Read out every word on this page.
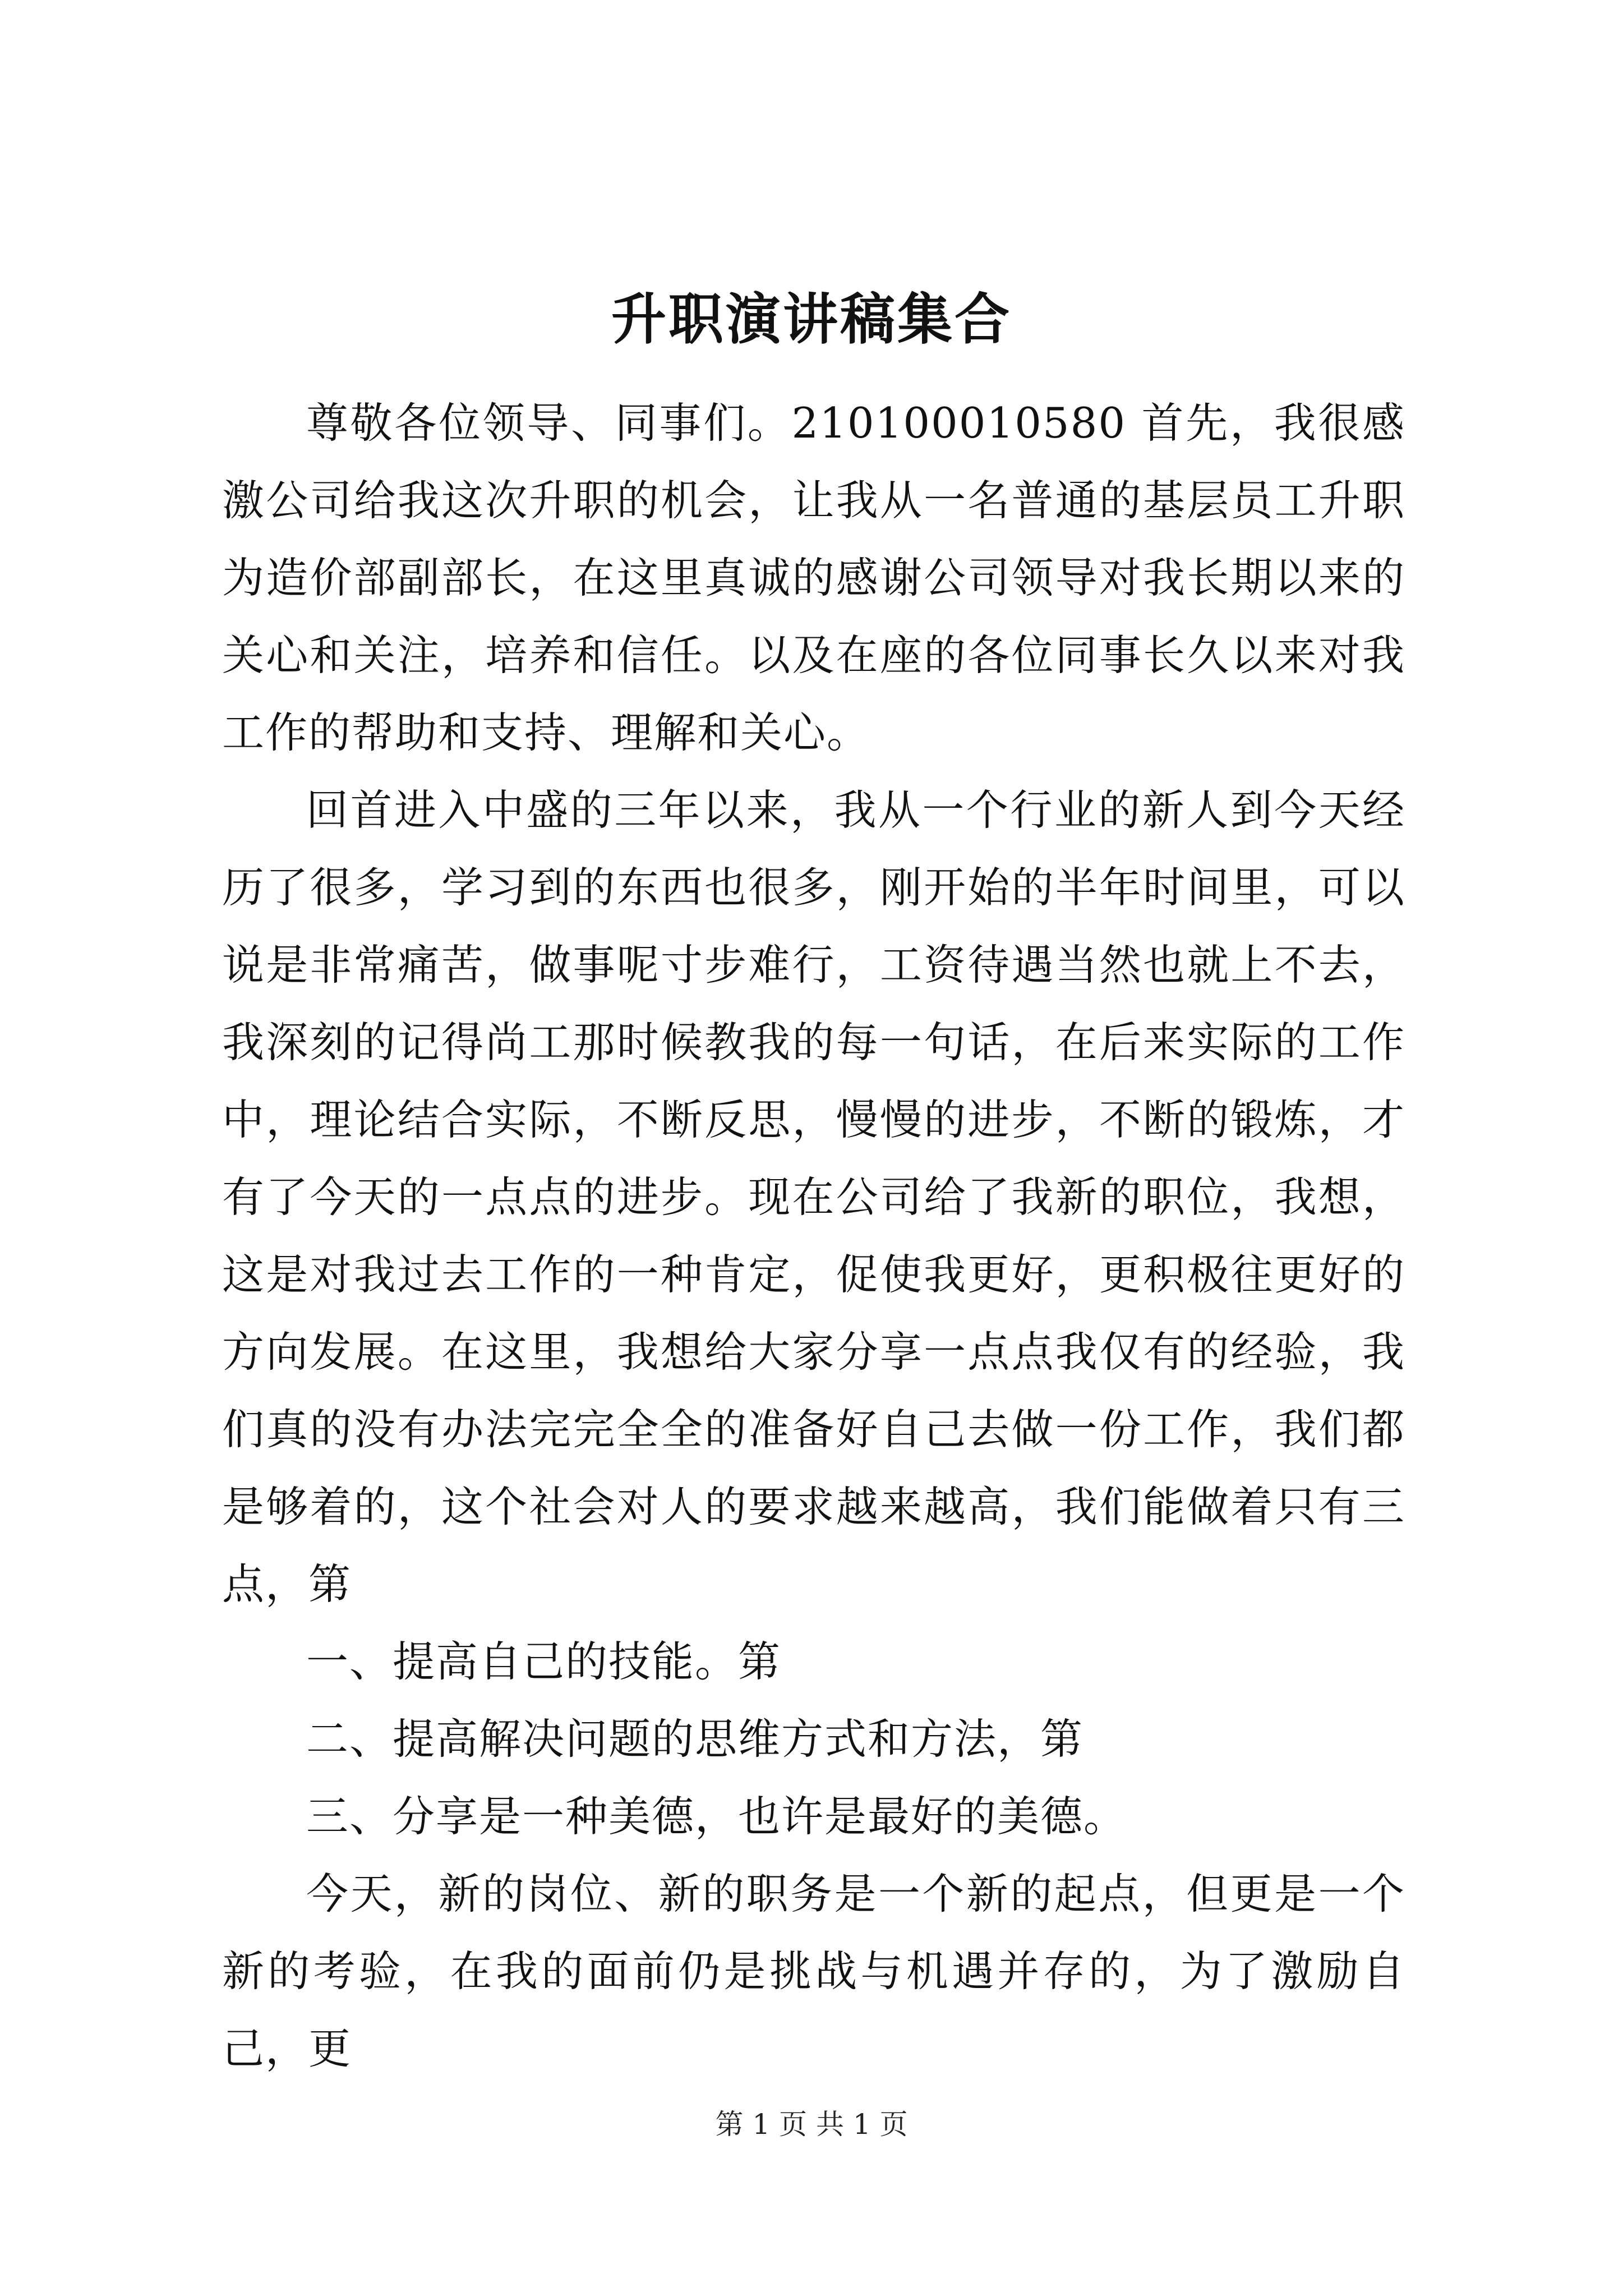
升职演讲稿集合

尊敬各位领导、同事们。210100010580 首先，我很感激公司给我这次升职的机会，让我从一名普通的基层员工升职为造价部副部长，在这里真诚的感谢公司领导对我长期以来的关心和关注，培养和信任。以及在座的各位同事长久以来对我工作的帮助和支持、理解和关心。

回首进入中盛的三年以来，我从一个行业的新人到今天经历了很多，学习到的东西也很多，刚开始的半年时间里，可以说是非常痛苦，做事呢寸步难行，工资待遇当然也就上不去，我深刻的记得尚工那时候教我的每一句话，在后来实际的工作中，理论结合实际，不断反思，慢慢的进步，不断的锻炼，才有了今天的一点点的进步。现在公司给了我新的职位，我想，这是对我过去工作的一种肯定，促使我更好，更积极往更好的方向发展。在这里，我想给大家分享一点点我仅有的经验，我们真的没有办法完完全全的准备好自己去做一份工作，我们都是够着的，这个社会对人的要求越来越高，我们能做着只有三点，第

一、提高自己的技能。第

二、提高解决问题的思维方式和方法，第

三、分享是一种美德，也许是最好的美德。

今天，新的岗位、新的职务是一个新的起点，但更是一个新的考验，在我的面前仍是挑战与机遇并存的，为了激励自己，更

第 1 页 共 1 页
